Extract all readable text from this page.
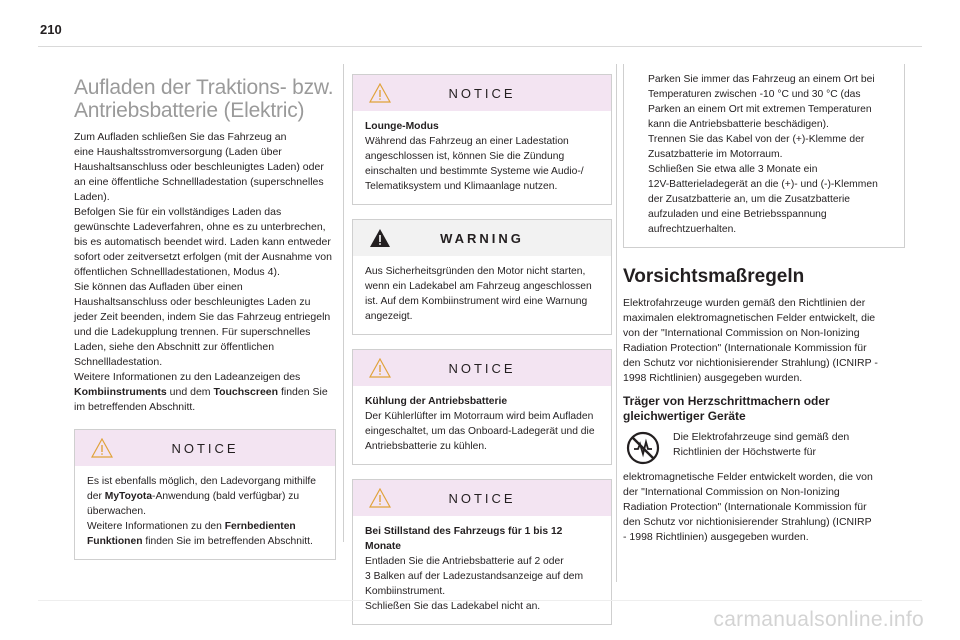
210
Aufladen der Traktions- bzw.
Antriebsbatterie (Elektric)

Zum Aufladen schließen Sie das Fahrzeug an
eine Haushaltsstromversorgung (Laden über
Haushaltsanschluss oder beschleunigtes Laden) oder
an eine öffentliche Schnellladestation (superschnelles
Laden).
Befolgen Sie für ein vollständiges Laden das
gewünschte Ladeverfahren, ohne es zu unterbrechen,
bis es automatisch beendet wird. Laden kann entweder
sofort oder zeitversetzt erfolgen (mit der Ausnahme von
öffentlichen Schnellladestationen, Modus 4).
Sie können das Aufladen über einen
Haushaltsanschluss oder beschleunigtes Laden zu
jeder Zeit beenden, indem Sie das Fahrzeug entriegeln
und die Ladekupplung trennen. Für superschnelles
Laden, siehe den Abschnitt zur öffentlichen
Schnellladestation.
Weitere Informationen zu den Ladeanzeigen des

Kombiinstruments und dem Touchscreen finden Sie
im betreffenden Abschnitt.

NOTICE

Es ist ebenfalls möglich, den Ladevorgang mithilfe
der MyToyota-Anwendung (bald verfügbar) zu
überwachen.
Weitere Informationen zu den Fernbedienten
Funktionen finden Sie im betreffenden Abschnitt.

NOTICE

Lounge-Modus

Während das Fahrzeug an einer Ladestation
angeschlossen ist, können Sie die Zündung
einschalten und bestimmte Systeme wie Audio-/
Telematiksystem und Klimaanlage nutzen.

WARNING

Aus Sicherheitsgründen den Motor nicht starten,
wenn ein Ladekabel am Fahrzeug angeschlossen
ist. Auf dem Kombiinstrument wird eine Warnung
angezeigt.

NOTICE

Kühlung der Antriebsbatterie

Der Kühlerlüfter im Motorraum wird beim Aufladen
eingeschaltet, um das Onboard-Ladegerät und die
Antriebsbatterie zu kühlen.

NOTICE

Bei Stillstand des Fahrzeugs für 1 bis 12 Monate

Entladen Sie die Antriebsbatterie auf 2 oder
3 Balken auf der Ladezustandsanzeige auf dem
Kombiinstrument.
Schließen Sie das Ladekabel nicht an.

Parken Sie immer das Fahrzeug an einem Ort bei
Temperaturen zwischen -10 °C und 30 °C (das
Parken an einem Ort mit extremen Temperaturen
kann die Antriebsbatterie beschädigen).
Trennen Sie das Kabel von der (+)-Klemme der
Zusatzbatterie im Motorraum.
Schließen Sie etwa alle 3 Monate ein
12V-Batterieladegerät an die (+)- und (-)-Klemmen
der Zusatzbatterie an, um die Zusatzbatterie
aufzuladen und eine Betriebsspannung
aufrechtzuerhalten.

Vorsichtsmaßregeln

Elektrofahrzeuge wurden gemäß den Richtlinien der
maximalen elektromagnetischen Felder entwickelt, die
von der "International Commission on Non-Ionizing
Radiation Protection" (Internationale Kommission für
den Schutz vor nichtionisierender Strahlung) (ICNIRP -
1998 Richtlinien) ausgegeben wurden.

Träger von Herzschrittmachern oder
gleichwertiger Geräte

Die Elektrofahrzeuge sind gemäß den
Richtlinien der Höchstwerte für

elektromagnetische Felder entwickelt worden, die von
der "International Commission on Non-Ionizing
Radiation Protection" (Internationale Kommission für
den Schutz vor nichtionisierender Strahlung) (ICNIRP
- 1998 Richtlinien) ausgegeben wurden.

carmanualsonline.info
